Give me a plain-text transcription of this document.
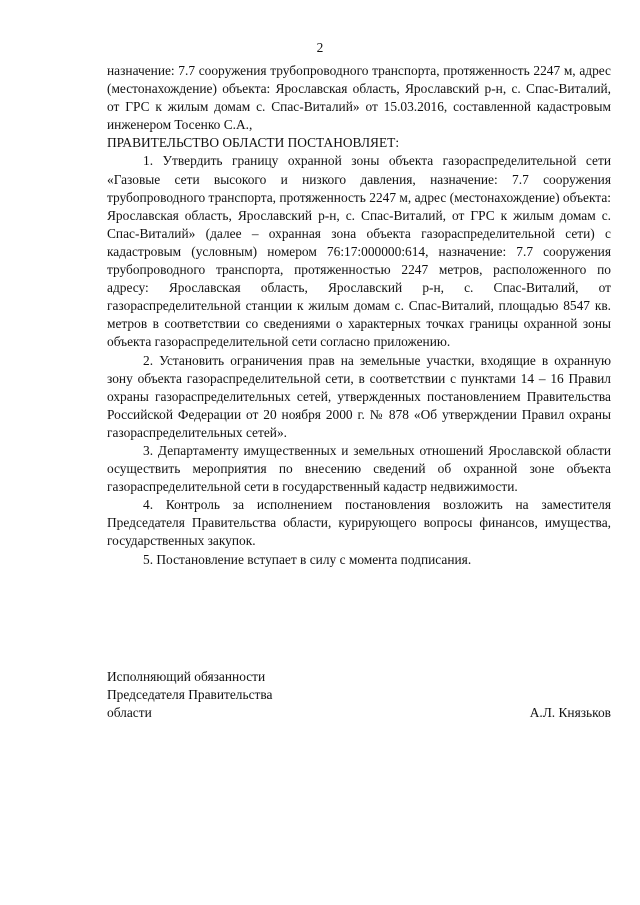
2

назначение: 7.7 сооружения трубопроводного транспорта, протяженность 2247 м, адрес (местонахождение) объекта: Ярославская область, Ярославский р-н, с. Спас-Виталий, от ГРС к жилым домам с. Спас-Виталий» от 15.03.2016, составленной кадастровым инженером Тосенко С.А.,

ПРАВИТЕЛЬСТВО ОБЛАСТИ ПОСТАНОВЛЯЕТ:

1. Утвердить границу охранной зоны объекта газораспределительной сети «Газовые сети высокого и низкого давления, назначение: 7.7 сооружения трубопроводного транспорта, протяженность 2247 м, адрес (местонахождение) объекта: Ярославская область, Ярославский р-н, с. Спас-Виталий, от ГРС к жилым домам с. Спас-Виталий» (далее – охранная зона объекта газораспределительной сети) с кадастровым (условным) номером 76:17:000000:614, назначение: 7.7 сооружения трубопроводного транспорта, протяженностью 2247 метров, расположенного по адресу: Ярославская область, Ярославский р-н, с. Спас-Виталий, от газораспределительной станции к жилым домам с. Спас-Виталий, площадью 8547 кв. метров в соответствии со сведениями о характерных точках границы охранной зоны объекта газораспределительной сети согласно приложению.

2. Установить ограничения прав на земельные участки, входящие в охранную зону объекта газораспределительной сети, в соответствии с пунктами 14 – 16 Правил охраны газораспределительных сетей, утвержденных постановлением Правительства Российской Федерации от 20 ноября 2000 г. № 878 «Об утверждении Правил охраны газораспределительных сетей».

3. Департаменту имущественных и земельных отношений Ярославской области осуществить мероприятия по внесению сведений об охранной зоне объекта газораспределительной сети в государственный кадастр недвижимости.

4. Контроль за исполнением постановления возложить на заместителя Председателя Правительства области, курирующего вопросы финансов, имущества, государственных закупок.

5. Постановление вступает в силу с момента подписания.

Исполняющий обязанности
Председателя Правительства
области	А.Л. Князьков
